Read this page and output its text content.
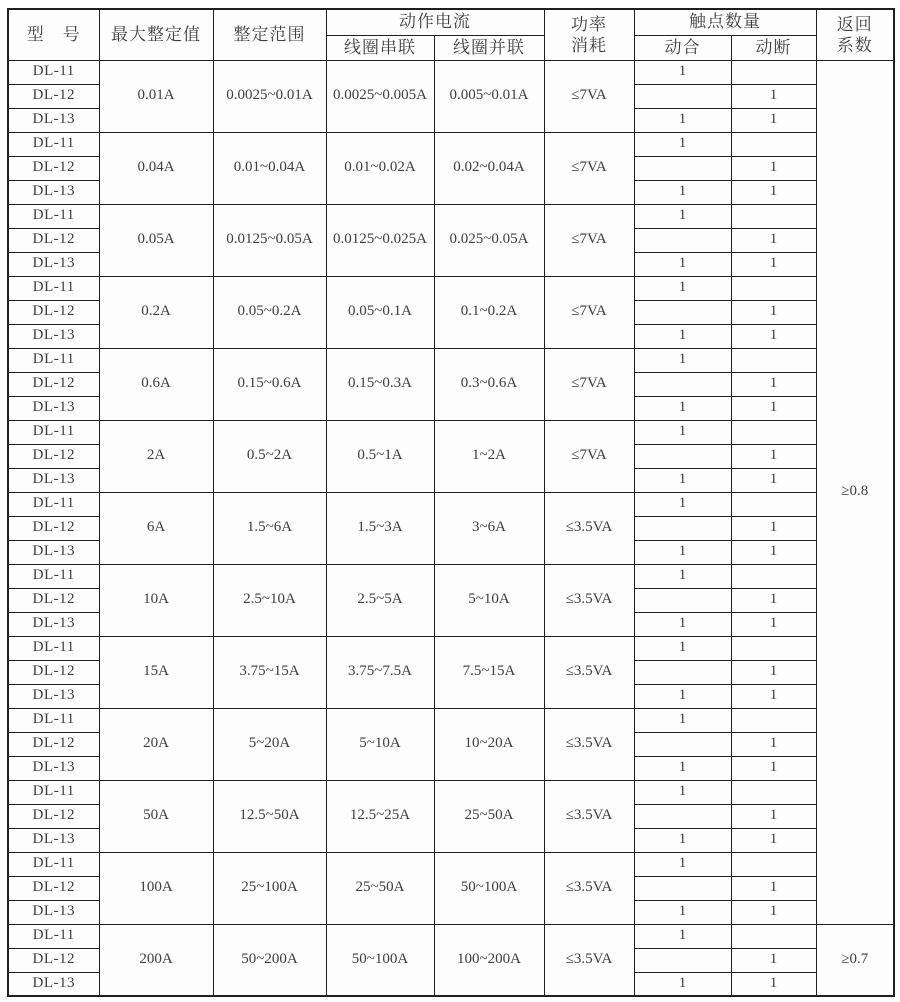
型　号	最大整定值	整定范围	动作电流	功率
消耗
	触点数量	返回
系数

			线圈串联	线圈并联		动合	动断	
DL-11	0.01A	0.0025~0.01A	0.0025~0.005A	0.005~0.01A	≤7VA	1		≥0.8
DL-12							1	
DL-13						1	1	
DL-11	0.04A	0.01~0.04A	0.01~0.02A	0.02~0.04A	≤7VA	1		
DL-12							1	
DL-13						1	1	
DL-11	0.05A	0.0125~0.05A	0.0125~0.025A	0.025~0.05A	≤7VA	1		
DL-12							1	
DL-13						1	1	
DL-11	0.2A	0.05~0.2A	0.05~0.1A	0.1~0.2A	≤7VA	1		
DL-12							1	
DL-13						1	1	
DL-11	0.6A	0.15~0.6A	0.15~0.3A	0.3~0.6A	≤7VA	1		
DL-12							1	
DL-13						1	1	
DL-11	2A	0.5~2A	0.5~1A	1~2A	≤7VA	1		
DL-12							1	
DL-13						1	1	
DL-11	6A	1.5~6A	1.5~3A	3~6A	≤3.5VA	1		
DL-12							1	
DL-13						1	1	
DL-11	10A	2.5~10A	2.5~5A	5~10A	≤3.5VA	1		
DL-12							1	
DL-13						1	1	
DL-11	15A	3.75~15A	3.75~7.5A	7.5~15A	≤3.5VA	1		
DL-12							1	
DL-13						1	1	
DL-11	20A	5~20A	5~10A	10~20A	≤3.5VA	1		
DL-12							1	
DL-13						1	1	
DL-11	50A	12.5~50A	12.5~25A	25~50A	≤3.5VA	1		
DL-12							1	
DL-13						1	1	
DL-11	100A	25~100A	25~50A	50~100A	≤3.5VA	1		
DL-12							1	
DL-13						1	1	
DL-11	200A	50~200A	50~100A	100~200A	≤3.5VA	1		≥0.7
DL-12							1	
DL-13						1	1	
